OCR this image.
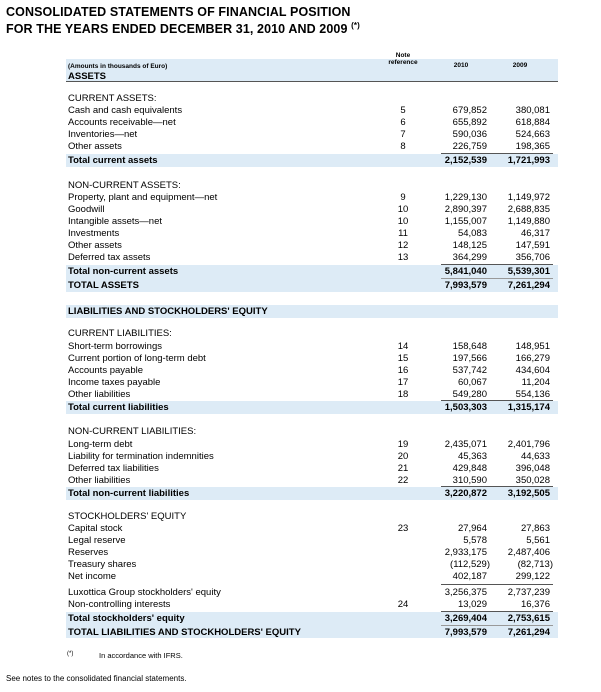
CONSOLIDATED STATEMENTS OF FINANCIAL POSITION
FOR THE YEARS ENDED DECEMBER 31, 2010 AND 2009 (*)
Note
reference	2010	2009
(Amounts in thousands of Euro)
ASSETS
CURRENT ASSETS:
Cash and cash equivalents	5	679,852	380,081
Accounts receivable—net	6	655,892	618,884
Inventories—net	7	590,036	524,663
Other assets	8	226,759	198,365
Total current assets	2,152,539 1,721,993
NON-CURRENT ASSETS:
Property, plant and equipment—net	9	1,229,130 1,149,972
Goodwill	10	2,890,397 2,688,835
Intangible assets—net	10	1,155,007 1,149,880
Investments	11	54,083	46,317
Other assets	12	148,125	147,591
Deferred tax assets	13	364,299	356,706
Total non-current assets	5,841,040 5,539,301
TOTAL ASSETS	7,993,579 7,261,294
LIABILITIES AND STOCKHOLDERS' EQUITY
CURRENT LIABILITIES:
Short-term borrowings	14	158,648	148,951
Current portion of long-term debt	15	197,566	166,279
Accounts payable	16	537,742	434,604
Income taxes payable	17	60,067	11,204
Other liabilities	18	549,280	554,136
Total current liabilities	1,503,303 1,315,174
NON-CURRENT LIABILITIES:
Long-term debt	19	2,435,071 2,401,796
Liability for termination indemnities	20	45,363	44,633
Deferred tax liabilities	21	429,848	396,048
Other liabilities	22	310,590	350,028
Total non-current liabilities	3,220,872 3,192,505
STOCKHOLDERS' EQUITY
Capital stock	23	27,964	27,863
Legal reserve	5,578	5,561
Reserves	2,933,175 2,487,406
Treasury shares	(112,529)	(82,713)
Net income	402,187	299,122
Luxottica Group stockholders' equity	3,256,375 2,737,239
Non-controlling interests	24	13,029	16,376
Total stockholders' equity	3,269,404 2,753,615
TOTAL LIABILITIES AND STOCKHOLDERS' EQUITY	7,993,579 7,261,294
(*)	In accordance with IFRS.
See notes to the consolidated financial statements.
